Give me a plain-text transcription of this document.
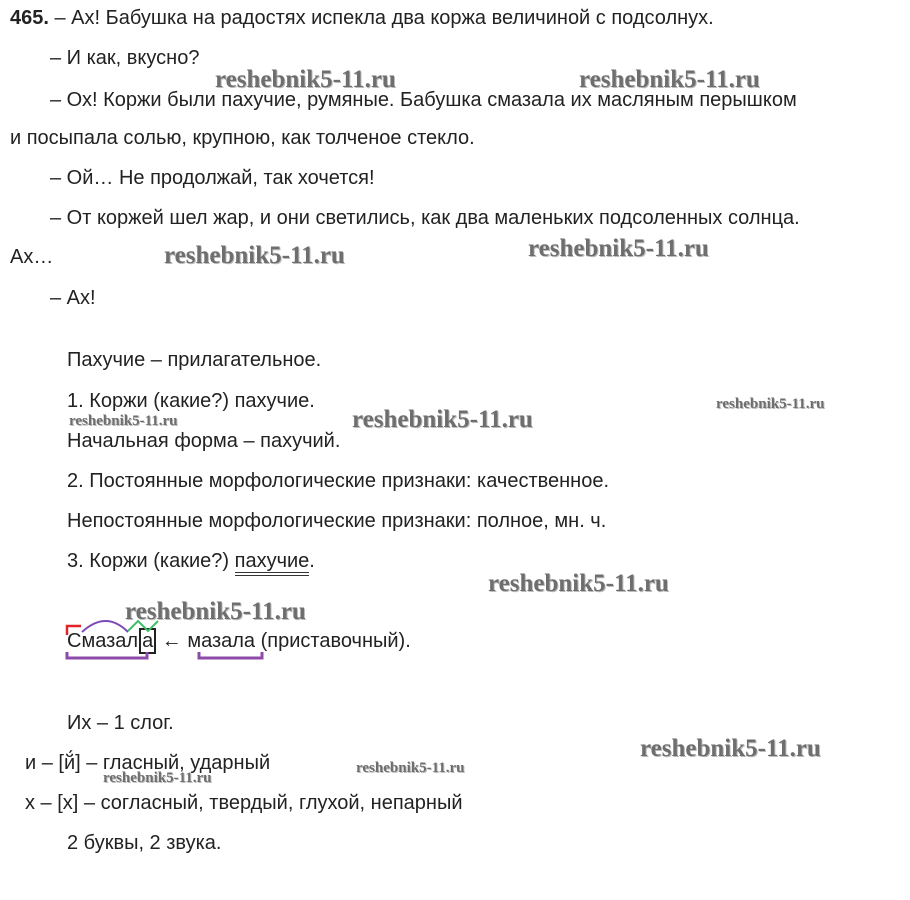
465. – Ах! Бабушка на радостях испекла два коржа величиной с подсолнух.
– И как, вкусно?
– Ох! Коржи были пахучие, румяные. Бабушка смазала их масляным перышком
и посыпала солью, крупною, как толченое стекло.
– Ой… Не продолжай, так хочется!
– От коржей шел жар, и они светились, как два маленьких подсоленных солнца.
Ах…
– Ах!
Пахучие – прилагательное.
1. Коржи (какие?) пахучие.
Начальная форма – пахучий.
2. Постоянные морфологические признаки: качественное.
Непостоянные морфологические признаки: полное, мн. ч.
3. Коржи (какие?) пахучие.
Смазал а ← мазала (приставочный).
Их – 1 слог.
и – [й́] – гласный, ударный
х – [х] – согласный, твердый, глухой, непарный
2 буквы, 2 звука.
reshebnik5-11.ru	reshebnik5-11.ru
reshebnik5-11.ru	reshebnik5-11.ru
reshebnik5-11.ru	reshebnik5-11.ru
reshebnik5-11.ru
reshebnik5-11.ru
reshebnik5-11.ru
reshebnik5-11.ru
reshebnik5-11.ru
reshebnik5-11.ru
